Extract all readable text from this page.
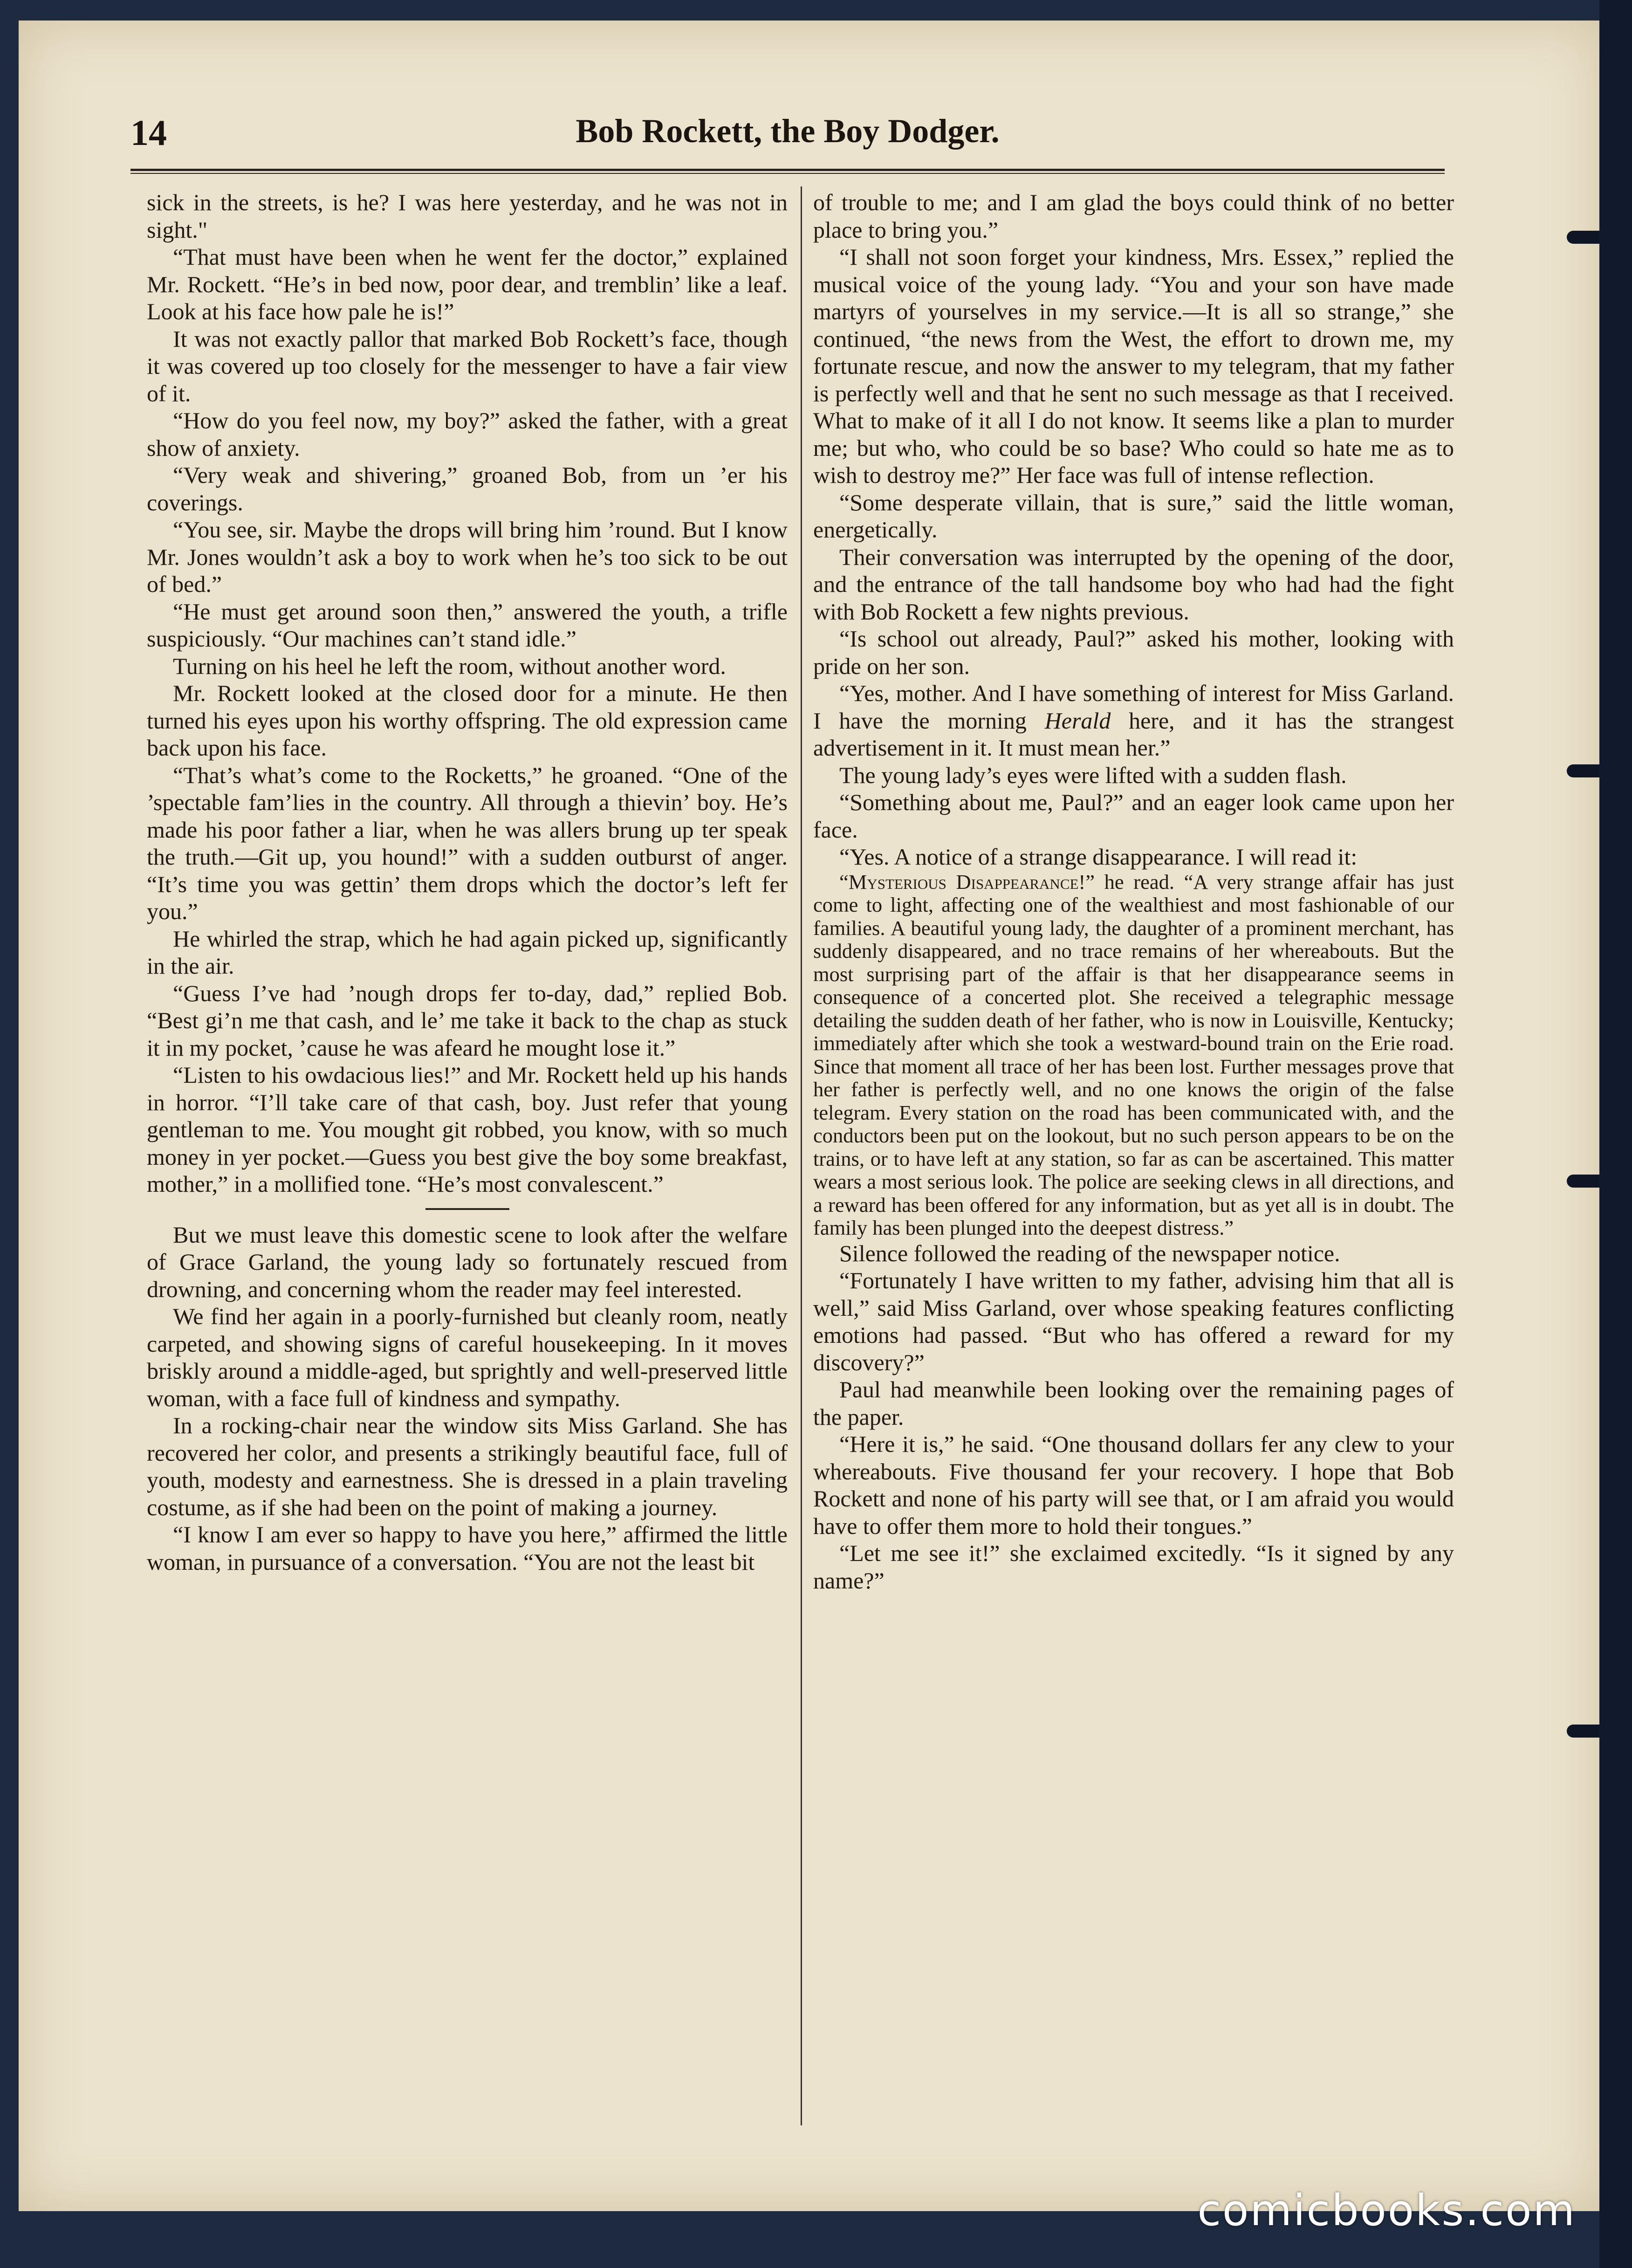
14	Bob Rockett, the Boy Dodger.

sick in the streets, is he? I was here yesterday, and he was not in sight."

“That must have been when he went fer the doctor,” explained Mr. Rockett. “He’s in bed now, poor dear, and tremblin’ like a leaf. Look at his face how pale he is!”

It was not exactly pallor that marked Bob Rockett’s face, though it was covered up too closely for the messenger to have a fair view of it.

“How do you feel now, my boy?” asked the father, with a great show of anxiety.

“Very weak and shivering,” groaned Bob, from un ’er his coverings.

“You see, sir. Maybe the drops will bring him ’round. But I know Mr. Jones wouldn’t ask a boy to work when he’s too sick to be out of bed.”

“He must get around soon then,” answered the youth, a trifle suspiciously. “Our machines can’t stand idle.”

Turning on his heel he left the room, without another word.

Mr. Rockett looked at the closed door for a minute. He then turned his eyes upon his worthy offspring. The old expression came back upon his face.

“That’s what’s come to the Rocketts,” he groaned. “One of the ’spectable fam’lies in the country. All through a thievin’ boy. He’s made his poor father a liar, when he was allers brung up ter speak the truth.—Git up, you hound!” with a sudden outburst of anger. “It’s time you was gettin’ them drops which the doctor’s left fer you.”

He whirled the strap, which he had again picked up, significantly in the air.

“Guess I’ve had ’nough drops fer to-day, dad,” replied Bob. “Best gi’n me that cash, and le’ me take it back to the chap as stuck it in my pocket, ’cause he was afeard he mought lose it.”

“Listen to his owdacious lies!” and Mr. Rockett held up his hands in horror. “I’ll take care of that cash, boy. Just refer that young gentleman to me. You mought git robbed, you know, with so much money in yer pocket.—Guess you best give the boy some breakfast, mother,” in a mollified tone. “He’s most convalescent.”

But we must leave this domestic scene to look after the welfare of Grace Garland, the young lady so fortunately rescued from drowning, and concerning whom the reader may feel interested.

We find her again in a poorly-furnished but cleanly room, neatly carpeted, and showing signs of careful housekeeping. In it moves briskly around a middle-aged, but sprightly and well-preserved little woman, with a face full of kindness and sympathy.

In a rocking-chair near the window sits Miss Garland. She has recovered her color, and presents a strikingly beautiful face, full of youth, modesty and earnestness. She is dressed in a plain traveling costume, as if she had been on the point of making a journey.

“I know I am ever so happy to have you here,” affirmed the little woman, in pursuance of a conversation. “You are not the least bit

of trouble to me; and I am glad the boys could think of no better place to bring you.”

“I shall not soon forget your kindness, Mrs. Essex,” replied the musical voice of the young lady. “You and your son have made martyrs of yourselves in my service.—It is all so strange,” she continued, “the news from the West, the effort to drown me, my fortunate rescue, and now the answer to my telegram, that my father is perfectly well and that he sent no such message as that I received. What to make of it all I do not know. It seems like a plan to murder me; but who, who could be so base? Who could so hate me as to wish to destroy me?” Her face was full of intense reflection.

“Some desperate villain, that is sure,” said the little woman, energetically.

Their conversation was interrupted by the opening of the door, and the entrance of the tall handsome boy who had had the fight with Bob Rockett a few nights previous.

“Is school out already, Paul?” asked his mother, looking with pride on her son.

“Yes, mother. And I have something of interest for Miss Garland. I have the morning Herald here, and it has the strangest advertisement in it. It must mean her.”

The young lady’s eyes were lifted with a sudden flash.

“Something about me, Paul?” and an eager look came upon her face.

“Yes. A notice of a strange disappearance. I will read it:

“Mysterious Disappearance!” he read. “A very strange affair has just come to light, affecting one of the wealthiest and most fashionable of our families. A beautiful young lady, the daughter of a prominent merchant, has suddenly disappeared, and no trace remains of her whereabouts. But the most surprising part of the affair is that her disappearance seems in consequence of a concerted plot. She received a telegraphic message detailing the sudden death of her father, who is now in Louisville, Kentucky; immediately after which she took a westward-bound train on the Erie road. Since that moment all trace of her has been lost. Further messages prove that her father is perfectly well, and no one knows the origin of the false telegram. Every station on the road has been communicated with, and the conductors been put on the lookout, but no such person appears to be on the trains, or to have left at any station, so far as can be ascertained. This matter wears a most serious look. The police are seeking clews in all directions, and a reward has been offered for any information, but as yet all is in doubt. The family has been plunged into the deepest distress.”

Silence followed the reading of the newspaper notice.

“Fortunately I have written to my father, advising him that all is well,” said Miss Garland, over whose speaking features conflicting emotions had passed. “But who has offered a reward for my discovery?”

Paul had meanwhile been looking over the remaining pages of the paper.

“Here it is,” he said. “One thousand dollars fer any clew to your whereabouts. Five thousand fer your recovery. I hope that Bob Rockett and none of his party will see that, or I am afraid you would have to offer them more to hold their tongues.”

“Let me see it!” she exclaimed excitedly. “Is it signed by any name?”

comicbooks.com
